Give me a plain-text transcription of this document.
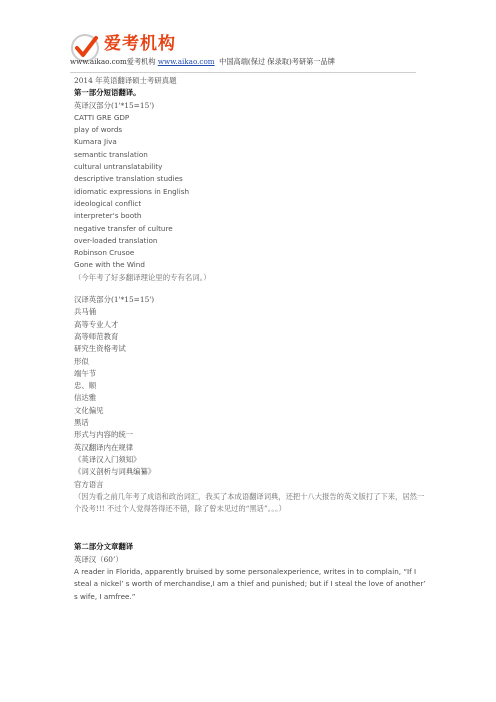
爱考机构
www.aikao.com爱考机构 www.aikao.com 中国高端(保过 保录取)考研第一品牌
2014 年英语翻译硕士考研真题
第一部分短语翻译。
英译汉部分(1'*15=15')
CATTI GRE GDP
play of words
Kumara Jiva
semantic translation
cultural untranslatability
descriptive translation studies
idiomatic expressions in English
ideological conflict
interpreter's booth
negative transfer of culture
over-loaded translation
Robinson Crusoe
Gone with the Wind
（今年考了好多翻译理论里的专有名词。）
汉译英部分(1'*15=15')
兵马俑
高等专业人才
高等师范教育
研究生资格考试
形似
端午节
忠、顺
信达雅
文化偏见
黑话
形式与内容的统一
英汉翻译内在规律
《英译汉入门须知》
《词义剖析与词典编纂》
官方语言
（因为看之前几年考了成语和政治词汇，我买了本成语翻译词典，还把十八大报告的英文版打了下来，居然一个没考!!! 不过个人觉得答得还不错，除了曾未见过的“黑话”。。。）
第二部分文章翻译
英译汉（60’）
A reader in Florida, apparently bruised by some personalexperience, writes in to complain, “If I steal a nickel’ s worth of merchandise,I am a thief and punished; but if I steal the love of another’ s wife, I amfree.”
